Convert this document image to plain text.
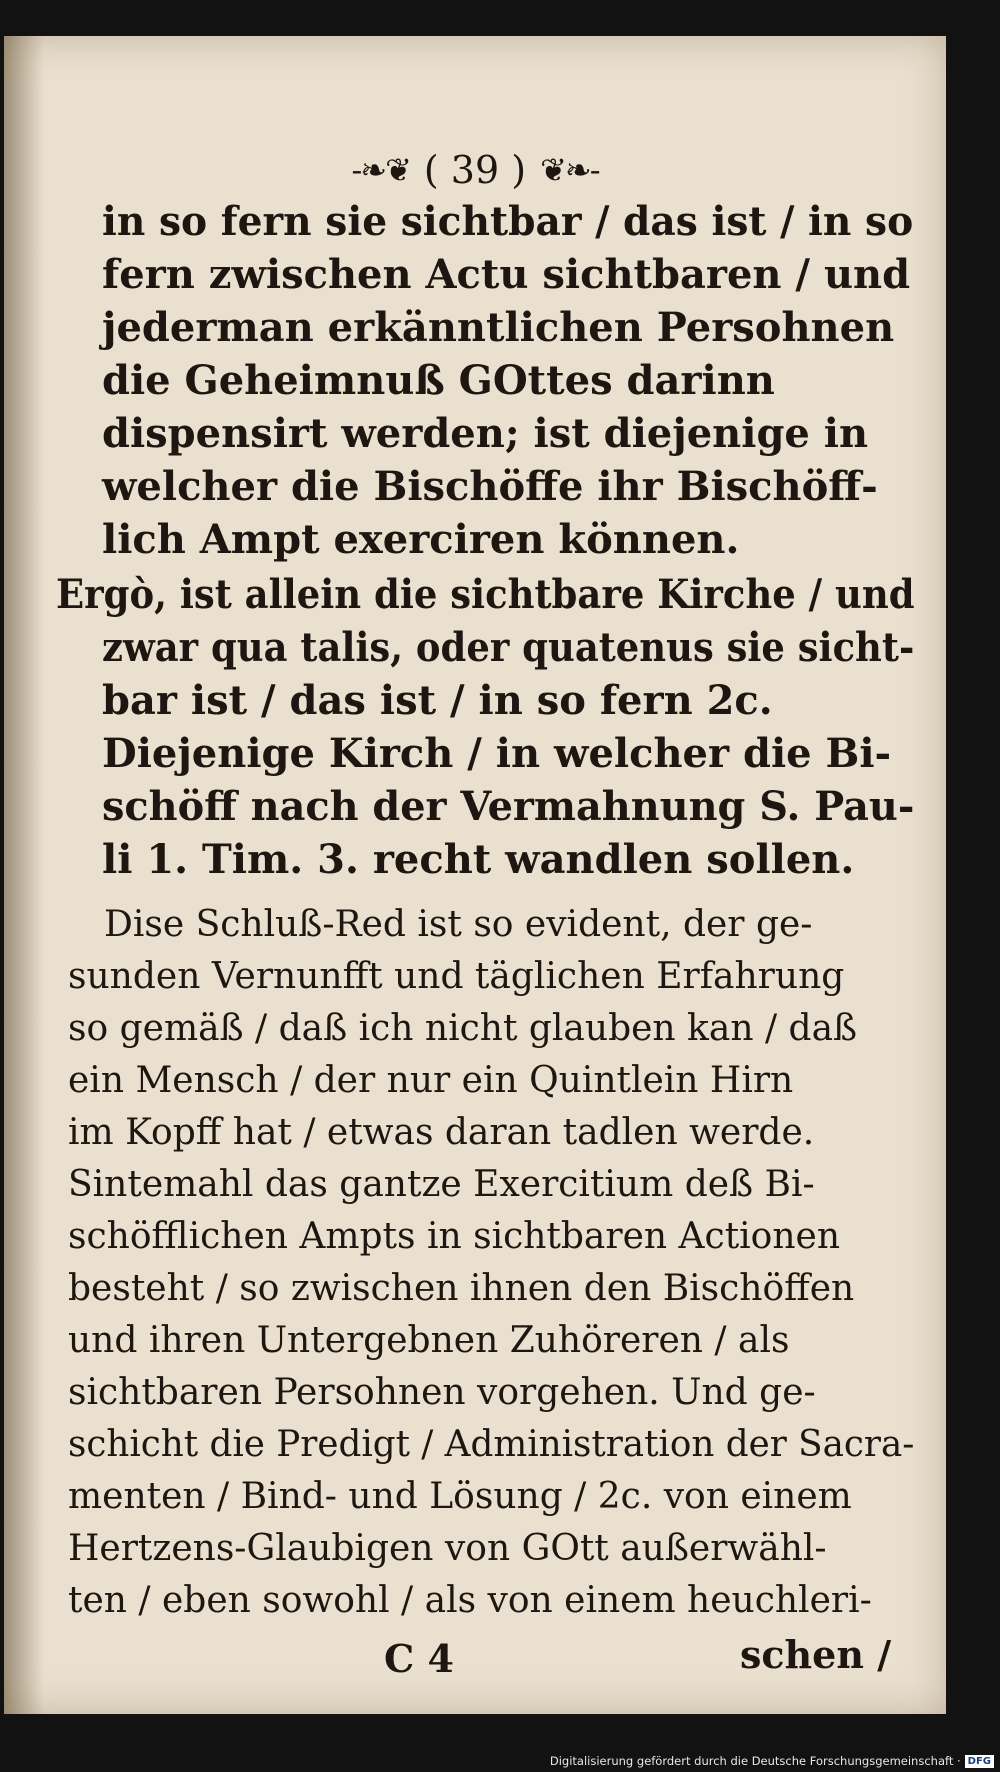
-❧❦ ( 39 ) ❦❧-
in so fern sie sichtbar / das ist / in so
fern zwischen Actu sichtbaren / und
jederman erkänntlichen Persohnen
die Geheimnuß GOttes darinn
dispensirt werden; ist diejenige in
welcher die Bischöffe ihr Bischöff-
lich Ampt exerciren können.
Ergò, ist allein die sichtbare Kirche / und
zwar qua talis, oder quatenus sie sicht-
bar ist / das ist / in so fern 2c.
Diejenige Kirch / in welcher die Bi-
schöff nach der Vermahnung S. Pau-
li 1. Tim. 3. recht wandlen sollen.
Dise Schluß-Red ist so evident, der ge-
sunden Vernunfft und täglichen Erfahrung
so gemäß / daß ich nicht glauben kan / daß
ein Mensch / der nur ein Quintlein Hirn
im Kopff hat / etwas daran tadlen werde.
Sintemahl das gantze Exercitium deß Bi-
schöfflichen Ampts in sichtbaren Actionen
besteht / so zwischen ihnen den Bischöffen
und ihren Untergebnen Zuhöreren / als
sichtbaren Persohnen vorgehen. Und ge-
schicht die Predigt / Administration der Sacra-
menten / Bind- und Lösung / 2c. von einem
Hertzens-Glaubigen von GOtt außerwähl-
ten / eben sowohl / als von einem heuchleri-
C 4	schen /
Digitalisierung gefördert durch die Deutsche Forschungsgemeinschaft · DFG
